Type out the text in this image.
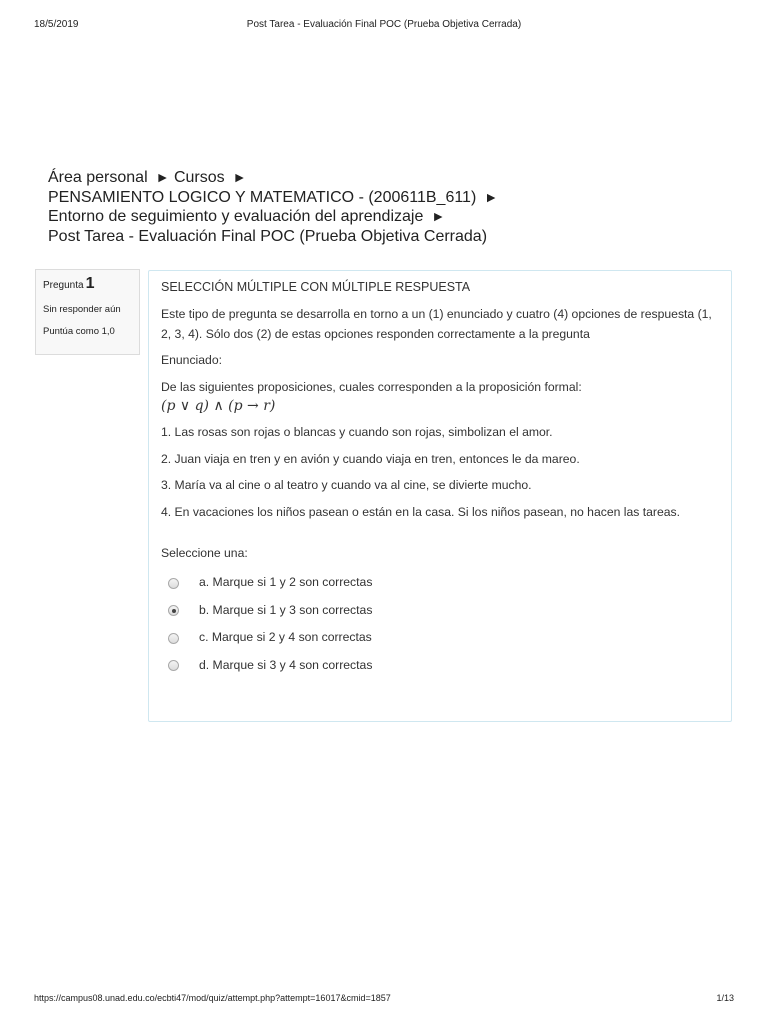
18/5/2019	Post Tarea - Evaluación Final POC (Prueba Objetiva Cerrada)
Área personal ► Cursos ►
PENSAMIENTO LOGICO Y MATEMATICO - (200611B_611) ►
Entorno de seguimiento y evaluación del aprendizaje ►
Post Tarea - Evaluación Final POC (Prueba Objetiva Cerrada)
Pregunta 1
Sin responder aún
Puntúa como 1,0

SELECCIÓN MÚLTIPLE CON MÚLTIPLE RESPUESTA

Este tipo de pregunta se desarrolla en torno a un (1) enunciado y cuatro (4) opciones de respuesta (1, 2, 3, 4). Sólo dos (2) de estas opciones responden correctamente a la pregunta

Enunciado:

De las siguientes proposiciones, cuales corresponden a la proposición formal:

(p ∨ q) ∧ (p → r)

1. Las rosas son rojas o blancas y cuando son rojas, simbolizan el amor.

2. Juan viaja en tren y en avión y cuando viaja en tren, entonces le da mareo.

3. María va al cine o al teatro y cuando va al cine, se divierte mucho.

4. En vacaciones los niños pasean o están en la casa. Si los niños pasean, no hacen las tareas.

Seleccione una:

a. Marque si 1 y 2 son correctas
b. Marque si 1 y 3 son correctas
c. Marque si 2 y 4 son correctas
d. Marque si 3 y 4 son correctas
https://campus08.unad.edu.co/ecbti47/mod/quiz/attempt.php?attempt=16017&cmid=1857	1/13
